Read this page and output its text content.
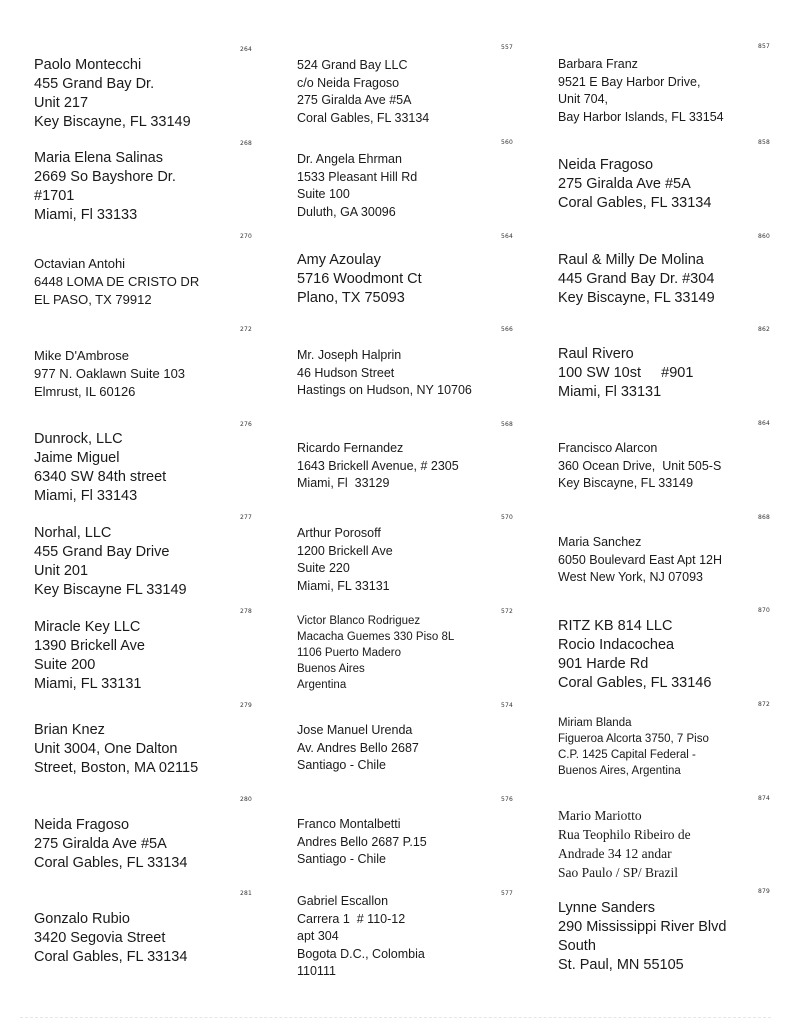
264
Paolo Montecchi
455 Grand Bay Dr.
Unit 217
Key Biscayne, FL 33149
557
524 Grand Bay LLC
c/o Neida Fragoso
275 Giralda Ave #5A
Coral Gables, FL 33134
857
Barbara Franz
9521 E Bay Harbor Drive,
Unit 704,
Bay Harbor Islands, FL 33154
268
Maria Elena Salinas
2669 So Bayshore Dr.
#1701
Miami, Fl 33133
560
Dr. Angela Ehrman
1533 Pleasant Hill Rd
Suite 100
Duluth, GA 30096
858
Neida Fragoso
275 Giralda Ave #5A
Coral Gables, FL 33134
270
Octavian Antohi
6448 LOMA DE CRISTO DR
EL PASO, TX 79912
564
Amy Azoulay
5716 Woodmont Ct
Plano, TX 75093
860
Raul & Milly De Molina
445 Grand Bay Dr. #304
Key Biscayne, FL 33149
272
Mike D'Ambrose
977 N. Oaklawn Suite 103
Elmrust, IL 60126
566
Mr. Joseph Halprin
46 Hudson Street
Hastings on Hudson, NY 10706
862
Raul Rivero
100 SW 10st     #901
Miami, Fl 33131
276
Dunrock, LLC
Jaime Miguel
6340 SW 84th street
Miami, Fl 33143
568
Ricardo Fernandez
1643 Brickell Avenue, # 2305
Miami, Fl  33129
864
Francisco Alarcon
360 Ocean Drive,  Unit 505-S
Key Biscayne, FL 33149
277
Norhal, LLC
455 Grand Bay Drive
Unit 201
Key Biscayne FL 33149
570
Arthur Porosoff
1200 Brickell Ave
Suite 220
Miami, FL 33131
868
Maria Sanchez
6050 Boulevard East Apt 12H
West New York, NJ 07093
278
Miracle Key LLC
1390 Brickell Ave
Suite 200
Miami, FL 33131
572
Victor Blanco Rodriguez
Macacha Guemes 330 Piso 8L
1106 Puerto Madero
Buenos Aires
Argentina
870
RITZ KB 814 LLC
Rocio Indacochea
901 Harde Rd
Coral Gables, FL 33146
279
Brian Knez
Unit 3004, One Dalton
Street, Boston, MA 02115
574
Jose Manuel Urenda
Av. Andres Bello 2687
Santiago - Chile
872
Miriam Blanda
Figueroa Alcorta 3750, 7 Piso
C.P. 1425 Capital Federal -
Buenos Aires, Argentina
280
Neida Fragoso
275 Giralda Ave #5A
Coral Gables, FL 33134
576
Franco Montalbetti
Andres Bello 2687 P.15
Santiago - Chile
874
Mario Mariotto
Rua Teophilo Ribeiro de
Andrade 34 12 andar
Sao Paulo / SP/ Brazil
281
Gonzalo Rubio
3420 Segovia Street
Coral Gables, FL 33134
577
Gabriel Escallon
Carrera 1  # 110-12
apt 304
Bogota D.C., Colombia
110111
879
Lynne Sanders
290 Mississippi River Blvd
South
St. Paul, MN 55105
